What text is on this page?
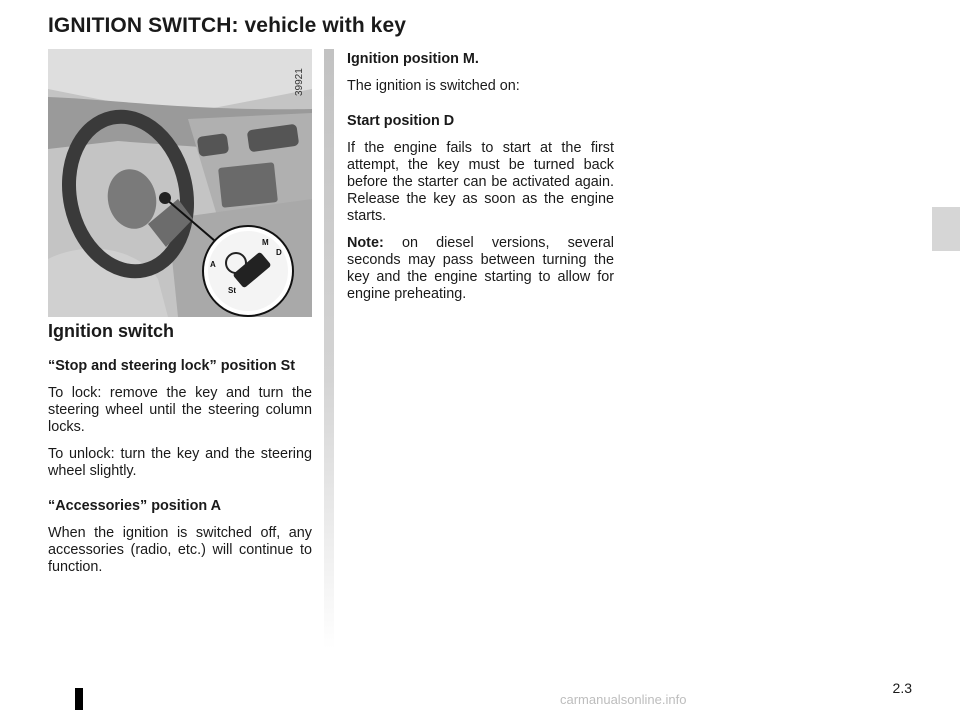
IGNITION SWITCH: vehicle with key
M
D
A
St
39921
Ignition switch
“Stop and steering lock” position St

To lock: remove the key and turn the steering wheel until the steering column locks.

To unlock: turn the key and the steering wheel slightly.

“Accessories” position A

When the ignition is switched off, any accessories (radio, etc.) will continue to function.

Ignition position M.

The ignition is switched on:

Start position D

If the engine fails to start at the first attempt, the key must be turned back before the starter can be activated again. Release the key as soon as the engine starts.

Note: on diesel versions, several seconds may pass between turning the key and the engine starting to allow for engine preheating.

2.3
carmanualsonline.info
